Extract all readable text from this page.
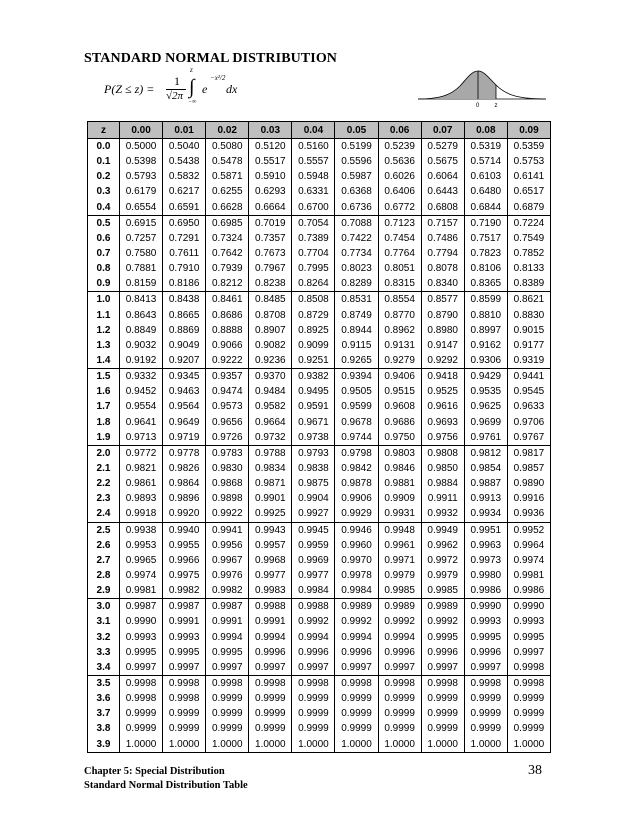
STANDARD NORMAL DISTRIBUTION
P(Z ≤ z) =
1
√2π
z
∫
−∞
e
−x²/2
dx
0	z
z	0.00	0.01	0.02	0.03	0.04	0.05	0.06	0.07	0.08	0.09
0.0	0.5000	0.5040	0.5080	0.5120	0.5160	0.5199	0.5239	0.5279	0.5319	0.5359
0.1	0.5398	0.5438	0.5478	0.5517	0.5557	0.5596	0.5636	0.5675	0.5714	0.5753
0.2	0.5793	0.5832	0.5871	0.5910	0.5948	0.5987	0.6026	0.6064	0.6103	0.6141
0.3	0.6179	0.6217	0.6255	0.6293	0.6331	0.6368	0.6406	0.6443	0.6480	0.6517
0.4	0.6554	0.6591	0.6628	0.6664	0.6700	0.6736	0.6772	0.6808	0.6844	0.6879
0.5	0.6915	0.6950	0.6985	0.7019	0.7054	0.7088	0.7123	0.7157	0.7190	0.7224
0.6	0.7257	0.7291	0.7324	0.7357	0.7389	0.7422	0.7454	0.7486	0.7517	0.7549
0.7	0.7580	0.7611	0.7642	0.7673	0.7704	0.7734	0.7764	0.7794	0.7823	0.7852
0.8	0.7881	0.7910	0.7939	0.7967	0.7995	0.8023	0.8051	0.8078	0.8106	0.8133
0.9	0.8159	0.8186	0.8212	0.8238	0.8264	0.8289	0.8315	0.8340	0.8365	0.8389
1.0	0.8413	0.8438	0.8461	0.8485	0.8508	0.8531	0.8554	0.8577	0.8599	0.8621
1.1	0.8643	0.8665	0.8686	0.8708	0.8729	0.8749	0.8770	0.8790	0.8810	0.8830
1.2	0.8849	0.8869	0.8888	0.8907	0.8925	0.8944	0.8962	0.8980	0.8997	0.9015
1.3	0.9032	0.9049	0.9066	0.9082	0.9099	0.9115	0.9131	0.9147	0.9162	0.9177
1.4	0.9192	0.9207	0.9222	0.9236	0.9251	0.9265	0.9279	0.9292	0.9306	0.9319
1.5	0.9332	0.9345	0.9357	0.9370	0.9382	0.9394	0.9406	0.9418	0.9429	0.9441
1.6	0.9452	0.9463	0.9474	0.9484	0.9495	0.9505	0.9515	0.9525	0.9535	0.9545
1.7	0.9554	0.9564	0.9573	0.9582	0.9591	0.9599	0.9608	0.9616	0.9625	0.9633
1.8	0.9641	0.9649	0.9656	0.9664	0.9671	0.9678	0.9686	0.9693	0.9699	0.9706
1.9	0.9713	0.9719	0.9726	0.9732	0.9738	0.9744	0.9750	0.9756	0.9761	0.9767
2.0	0.9772	0.9778	0.9783	0.9788	0.9793	0.9798	0.9803	0.9808	0.9812	0.9817
2.1	0.9821	0.9826	0.9830	0.9834	0.9838	0.9842	0.9846	0.9850	0.9854	0.9857
2.2	0.9861	0.9864	0.9868	0.9871	0.9875	0.9878	0.9881	0.9884	0.9887	0.9890
2.3	0.9893	0.9896	0.9898	0.9901	0.9904	0.9906	0.9909	0.9911	0.9913	0.9916
2.4	0.9918	0.9920	0.9922	0.9925	0.9927	0.9929	0.9931	0.9932	0.9934	0.9936
2.5	0.9938	0.9940	0.9941	0.9943	0.9945	0.9946	0.9948	0.9949	0.9951	0.9952
2.6	0.9953	0.9955	0.9956	0.9957	0.9959	0.9960	0.9961	0.9962	0.9963	0.9964
2.7	0.9965	0.9966	0.9967	0.9968	0.9969	0.9970	0.9971	0.9972	0.9973	0.9974
2.8	0.9974	0.9975	0.9976	0.9977	0.9977	0.9978	0.9979	0.9979	0.9980	0.9981
2.9	0.9981	0.9982	0.9982	0.9983	0.9984	0.9984	0.9985	0.9985	0.9986	0.9986
3.0	0.9987	0.9987	0.9987	0.9988	0.9988	0.9989	0.9989	0.9989	0.9990	0.9990
3.1	0.9990	0.9991	0.9991	0.9991	0.9992	0.9992	0.9992	0.9992	0.9993	0.9993
3.2	0.9993	0.9993	0.9994	0.9994	0.9994	0.9994	0.9994	0.9995	0.9995	0.9995
3.3	0.9995	0.9995	0.9995	0.9996	0.9996	0.9996	0.9996	0.9996	0.9996	0.9997
3.4	0.9997	0.9997	0.9997	0.9997	0.9997	0.9997	0.9997	0.9997	0.9997	0.9998
3.5	0.9998	0.9998	0.9998	0.9998	0.9998	0.9998	0.9998	0.9998	0.9998	0.9998
3.6	0.9998	0.9998	0.9999	0.9999	0.9999	0.9999	0.9999	0.9999	0.9999	0.9999
3.7	0.9999	0.9999	0.9999	0.9999	0.9999	0.9999	0.9999	0.9999	0.9999	0.9999
3.8	0.9999	0.9999	0.9999	0.9999	0.9999	0.9999	0.9999	0.9999	0.9999	0.9999
3.9	1.0000	1.0000	1.0000	1.0000	1.0000	1.0000	1.0000	1.0000	1.0000	1.0000
Chapter 5: Special Distribution
Standard Normal Distribution Table
38
